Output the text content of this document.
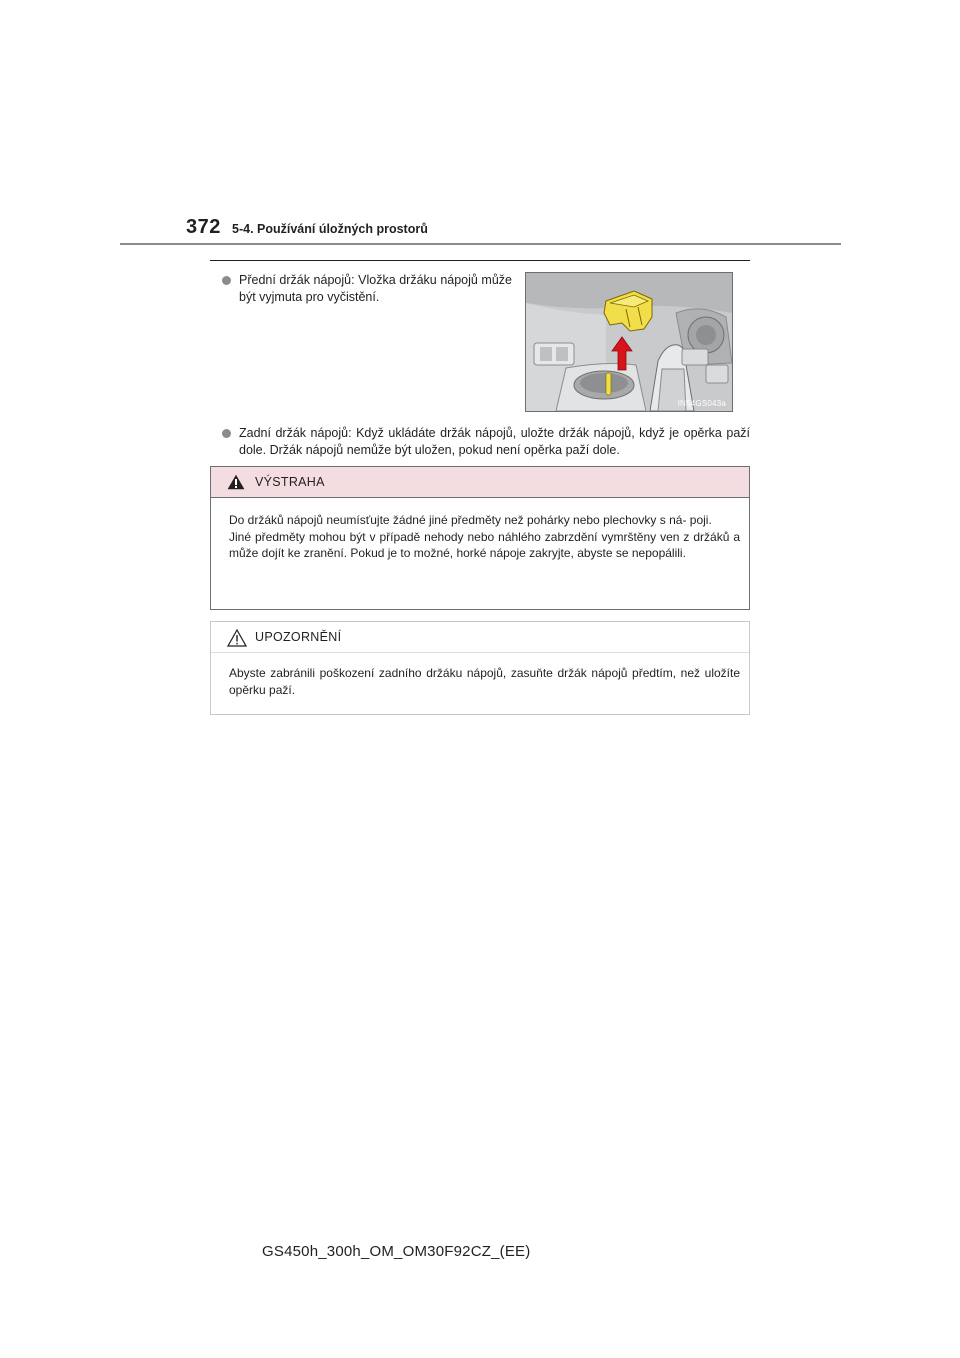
372 5-4. Používání úložných prostorů
Přední držák nápojů: Vložka držáku nápojů může být vyjmuta pro vyčistění.
IN54GS043a
Zadní držák nápojů: Když ukládáte držák nápojů, uložte držák nápojů, když je opěrka paží dole. Držák nápojů nemůže být uložen, pokud není opěrka paží dole.
VÝSTRAHA

Do držáků nápojů neumísťujte žádné jiné předměty než pohárky nebo plechovky s ná- poji.

Jiné předměty mohou být v případě nehody nebo náhlého zabrzdění vymrštěny ven z držáků a může dojít ke zranění. Pokud je to možné, horké nápoje zakryjte, abyste se nepopálili.

UPOZORNĚNÍ

Abyste zabránili poškození zadního držáku nápojů, zasuňte držák nápojů předtím, než uložíte opěrku paží.

GS450h_300h_OM_OM30F92CZ_(EE)
